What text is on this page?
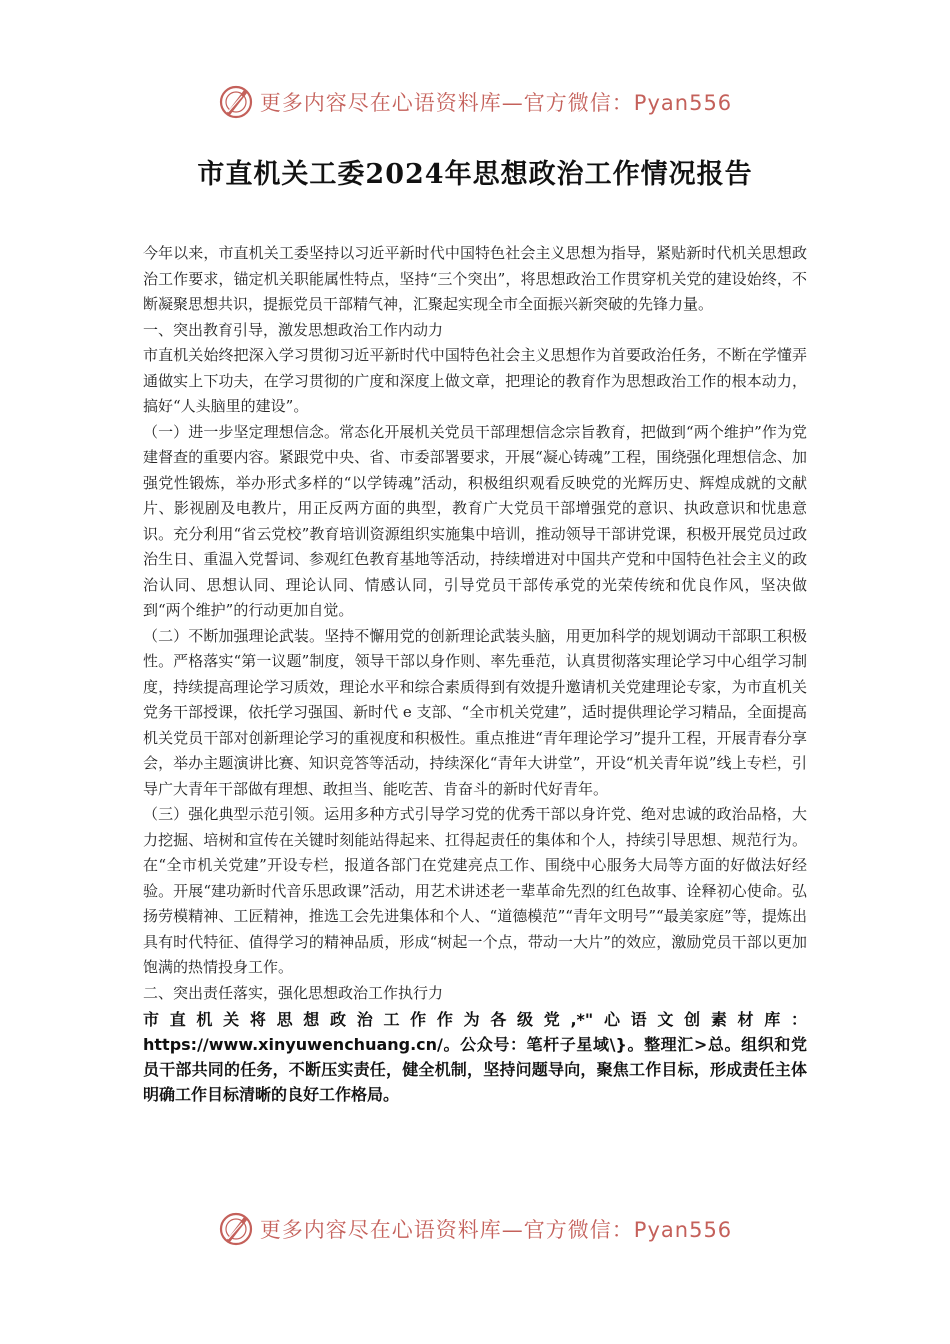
更多内容尽在心语资料库—官方微信：Pyan556
市直机关工委2024年思想政治工作情况报告

今年以来，市直机关工委坚持以习近平新时代中国特色社会主义思想为指导，紧贴新时代机关思想政治工作要求，锚定机关职能属性特点，坚持“三个突出”，将思想政治工作贯穿机关党的建设始终，不断凝聚思想共识，提振党员干部精气神，汇聚起实现全市全面振兴新突破的先锋力量。

一、突出教育引导，激发思想政治工作内动力

市直机关始终把深入学习贯彻习近平新时代中国特色社会主义思想作为首要政治任务，不断在学懂弄通做实上下功夫，在学习贯彻的广度和深度上做文章，把理论的教育作为思想政治工作的根本动力，搞好“人头脑里的建设”。

（一）进一步坚定理想信念。常态化开展机关党员干部理想信念宗旨教育，把做到“两个维护”作为党建督查的重要内容。紧跟党中央、省、市委部署要求，开展“凝心铸魂”工程，围绕强化理想信念、加强党性锻炼，举办形式多样的“以学铸魂”活动，积极组织观看反映党的光辉历史、辉煌成就的文献片、影视剧及电教片，用正反两方面的典型，教育广大党员干部增强党的意识、执政意识和忧患意识。充分利用“省云党校”教育培训资源组织实施集中培训，推动领导干部讲党课，积极开展党员过政治生日、重温入党誓词、参观红色教育基地等活动，持续增进对中国共产党和中国特色社会主义的政治认同、思想认同、理论认同、情感认同，引导党员干部传承党的光荣传统和优良作风，坚决做到“两个维护”的行动更加自觉。

（二）不断加强理论武装。坚持不懈用党的创新理论武装头脑，用更加科学的规划调动干部职工积极性。严格落实“第一议题”制度，领导干部以身作则、率先垂范，认真贯彻落实理论学习中心组学习制度，持续提高理论学习质效，理论水平和综合素质得到有效提升邀请机关党建理论专家，为市直机关党务干部授课，依托学习强国、新时代 e 支部、“全市机关党建”，适时提供理论学习精品，全面提高机关党员干部对创新理论学习的重视度和积极性。重点推进“青年理论学习”提升工程，开展青春分享会，举办主题演讲比赛、知识竞答等活动，持续深化“青年大讲堂”，开设“机关青年说”线上专栏，引导广大青年干部做有理想、敢担当、能吃苦、肯奋斗的新时代好青年。

（三）强化典型示范引领。运用多种方式引导学习党的优秀干部以身许党、绝对忠诚的政治品格，大力挖掘、培树和宣传在关键时刻能站得起来、扛得起责任的集体和个人，持续引导思想、规范行为。在“全市机关党建”开设专栏，报道各部门在党建亮点工作、围绕中心服务大局等方面的好做法好经验。开展“建功新时代音乐思政课”活动，用艺术讲述老一辈革命先烈的红色故事、诠释初心使命。弘扬劳模精神、工匠精神，推选工会先进集体和个人、“道德模范”“青年文明号”“最美家庭”等，提炼出具有时代特征、值得学习的精神品质，形成“树起一个点，带动一大片”的效应，激励党员干部以更加饱满的热情投身工作。

二、突出责任落实，强化思想政治工作执行力

市直机关将思想政治工作作为各级党,*"心语文创素材库：https://www.xinyuwenchuang.cn/。公众号：笔杆子星域\}。整理汇>总。组织和党员干部共同的任务，不断压实责任，健全机制，坚持问题导向，聚焦工作目标，形成责任主体明确工作目标清晰的良好工作格局。

更多内容尽在心语资料库—官方微信：Pyan556
